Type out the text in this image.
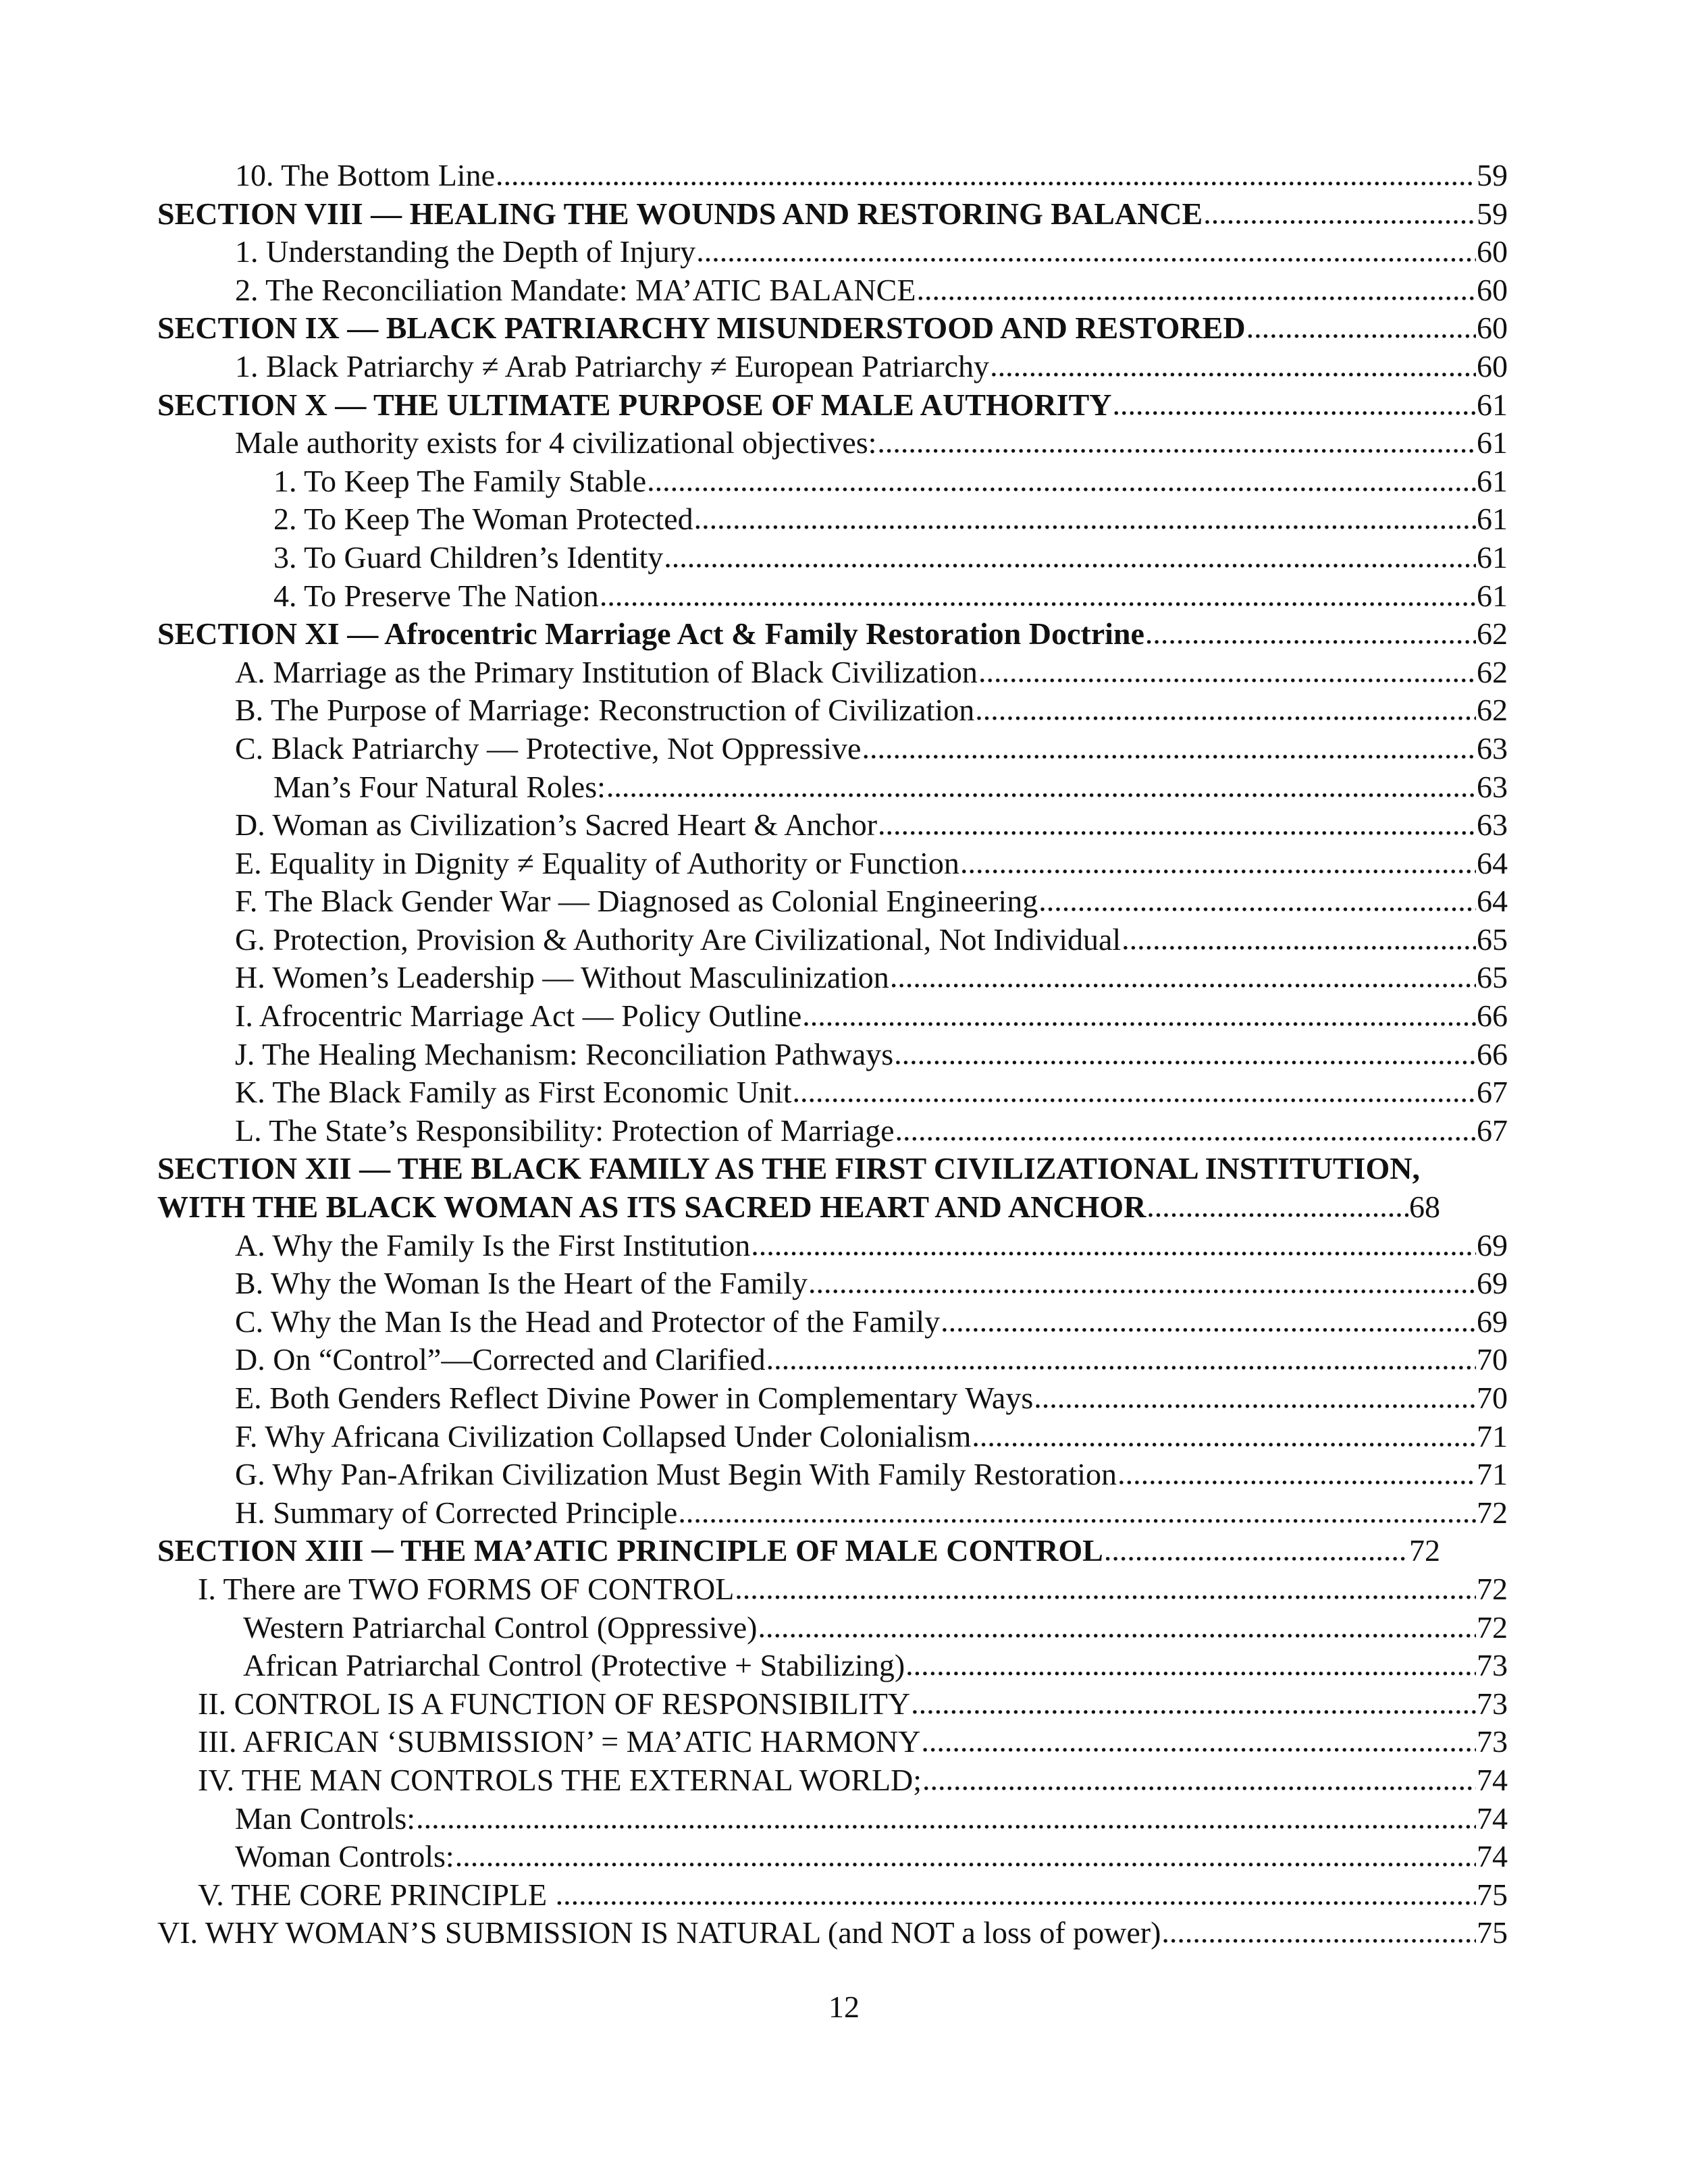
10. The Bottom Line .....	59
SECTION VIII — HEALING THE WOUNDS AND RESTORING BALANCE .....	59
1. Understanding the Depth of Injury .....	60
2. The Reconciliation Mandate: MA’ATIC BALANCE .....	60
SECTION IX — BLACK PATRIARCHY MISUNDERSTOOD AND RESTORED .....	60
1. Black Patriarchy ≠ Arab Patriarchy ≠ European Patriarchy .....	60
SECTION X — THE ULTIMATE PURPOSE OF MALE AUTHORITY .....	61
Male authority exists for 4 civilizational objectives: .....	61
1. To Keep The Family Stable .....	61
2. To Keep The Woman Protected .....	61
3. To Guard Children’s Identity .....	61
4. To Preserve The Nation .....	61
SECTION XI — Afrocentric Marriage Act & Family Restoration Doctrine .....	62
A. Marriage as the Primary Institution of Black Civilization .....	62
B. The Purpose of Marriage: Reconstruction of Civilization .....	62
C. Black Patriarchy — Protective, Not Oppressive .....	63
Man’s Four Natural Roles: .....	63
D. Woman as Civilization’s Sacred Heart & Anchor .....	63
E. Equality in Dignity ≠ Equality of Authority or Function .....	64
F. The Black Gender War — Diagnosed as Colonial Engineering .....	64
G. Protection, Provision & Authority Are Civilizational, Not Individual .....	65
H. Women’s Leadership — Without Masculinization .....	65
I. Afrocentric Marriage Act — Policy Outline .....	66
J. The Healing Mechanism: Reconciliation Pathways .....	66
K. The Black Family as First Economic Unit .....	67
L. The State’s Responsibility: Protection of Marriage .....	67
SECTION XII — THE BLACK FAMILY AS THE FIRST CIVILIZATIONAL INSTITUTION,
WITH THE BLACK WOMAN AS ITS SACRED HEART AND ANCHOR .....	68
A. Why the Family Is the First Institution .....	69
B. Why the Woman Is the Heart of the Family .....	69
C. Why the Man Is the Head and Protector of the Family .....	69
D. On “Control”—Corrected and Clarified .....	70
E. Both Genders Reflect Divine Power in Complementary Ways .....	70
F. Why Africana Civilization Collapsed Under Colonialism .....	71
G. Why Pan-Afrikan Civilization Must Begin With Family Restoration .....	71
H. Summary of Corrected Principle .....	72
SECTION XIII ─ THE MA’ATIC PRINCIPLE OF MALE CONTROL .....	72
I. There are TWO FORMS OF CONTROL .....	72
Western Patriarchal Control (Oppressive) .....	72
African Patriarchal Control (Protective + Stabilizing) .....	73
II. CONTROL IS A FUNCTION OF RESPONSIBILITY .....	73
III. AFRICAN ‘SUBMISSION’ = MA’ATIC HARMONY .....	73
IV. THE MAN CONTROLS THE EXTERNAL WORLD; .....	74
Man Controls: .....	74
Woman Controls: .....	74
V. THE CORE PRINCIPLE .....	75
VI. WHY WOMAN’S SUBMISSION IS NATURAL (and NOT a loss of power) .....	75
12
